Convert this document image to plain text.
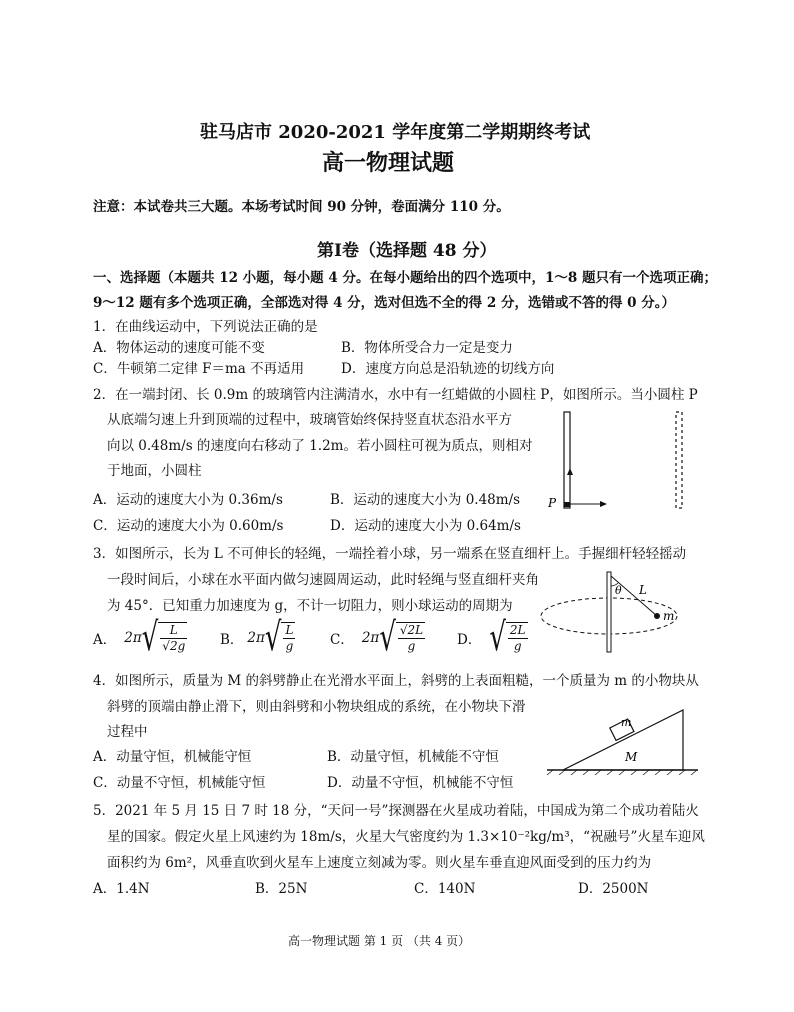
驻马店市 2020-2021 学年度第二学期期终考试
高一物理试题
注意：本试卷共三大题。本场考试时间 90 分钟，卷面满分 110 分。
第Ⅰ卷（选择题 48 分）
一、选择题（本题共 12 小题，每小题 4 分。在每小题给出的四个选项中，1～8 题只有一个选项正确；
9～12 题有多个选项正确，全部选对得 4 分，选对但选不全的得 2 分，选错或不答的得 0 分。）
1．在曲线运动中，下列说法正确的是
A．物体运动的速度可能不变	B．物体所受合力一定是变力
C．牛顿第二定律 F＝ma 不再适用	D．速度方向总是沿轨迹的切线方向
2．在一端封闭、长 0.9m 的玻璃管内注满清水，水中有一红蜡做的小圆柱 P，如图所示。当小圆柱 P
从底端匀速上升到顶端的过程中，玻璃管始终保持竖直状态沿水平方
向以 0.48m/s 的速度向右移动了 1.2m。若小圆柱可视为质点，则相对
于地面，小圆柱
A．运动的速度大小为 0.36m/s	B．运动的速度大小为 0.48m/s
C．运动的速度大小为 0.60m/s	D．运动的速度大小为 0.64m/s
P
3．如图所示，长为 L 不可伸长的轻绳，一端拴着小球，另一端系在竖直细杆上。手握细杆轻轻摇动
一段时间后，小球在水平面内做匀速圆周运动，此时轻绳与竖直细杆夹角
为 45°．已知重力加速度为 g，不计一切阻力，则小球运动的周期为
A． 2π √ $\frac{L}{√2g}$ B． 2π √ $\frac{L}{g}$	C． 2π √ $\frac{√2L}{g}$ D． √ $\frac{2L}{g}$
θ L
m
4．如图所示，质量为 M 的斜劈静止在光滑水平面上，斜劈的上表面粗糙，一个质量为 m 的小物块从
斜劈的顶端由静止滑下，则由斜劈和小物块组成的系统，在小物块下滑
过程中
A．动量守恒，机械能守恒	B．动量守恒，机械能不守恒
C．动量不守恒，机械能守恒	D．动量不守恒，机械能不守恒
m
M
5．2021 年 5 月 15 日 7 时 18 分，“天问一号”探测器在火星成功着陆，中国成为第二个成功着陆火
星的国家。假定火星上风速约为 18m/s，火星大气密度约为 1.3×10⁻²kg/m³，“祝融号”火星车迎风
面积约为 6m²，风垂直吹到火星车上速度立刻减为零。则火星车垂直迎风面受到的压力约为
A．1.4N	B．25N	C．140N	D．2500N
高一物理试题 第 1 页 （共 4 页）
